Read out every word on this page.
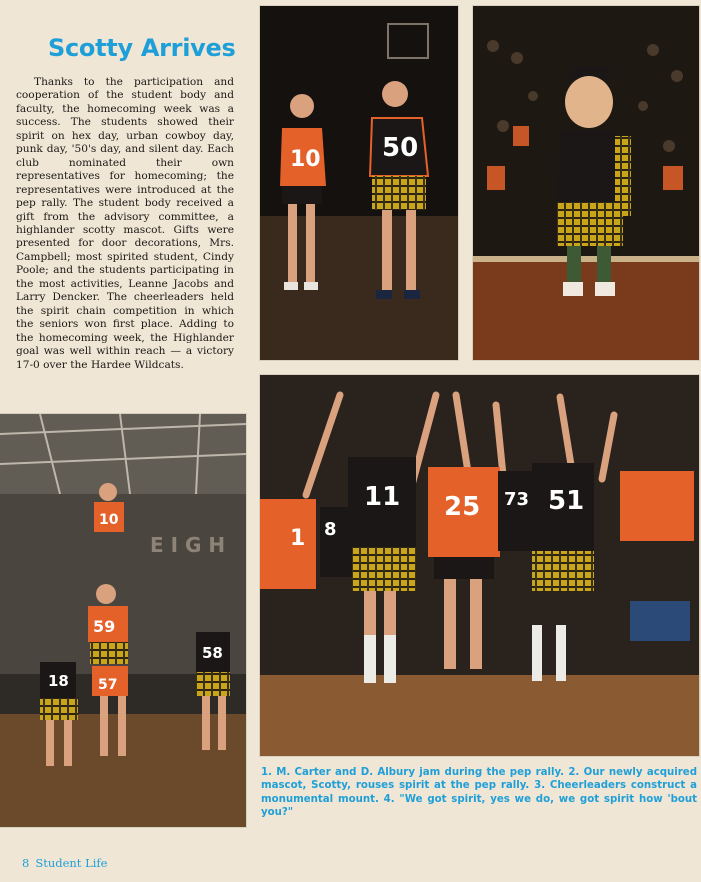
Scotty Arrives

Thanks to the participation and cooperation of the student body and faculty, the homecoming week was a success. The students showed their spirit on hex day, urban cowboy day, punk day, '50's day, and silent day. Each club nominated their own representatives for homecoming; the representatives were introduced at the pep rally. The student body received a gift from the advisory committee, a highlander scotty mascot. Gifts were presented for door decorations, Mrs. Campbell; most spirited student, Cindy Poole; and the students participating in the most activities, Leanne Jacobs and Larry Dencker. The cheerleaders held the spirit chain competition in which the seniors won first place. Adding to the homecoming week, the Highlander goal was well within reach — a victory 17-0 over the Hardee Wildcats.

10 50
E I G H
10
59
57
18
58
1 8
11 25 73 51

1. M. Carter and D. Albury jam during the pep rally. 2. Our newly acquired mascot, Scotty, rouses spirit at the pep rally. 3. Cheerleaders construct a monumental mount. 4. "We got spirit, yes we do, we got spirit how 'bout you?"

8 Student Life
